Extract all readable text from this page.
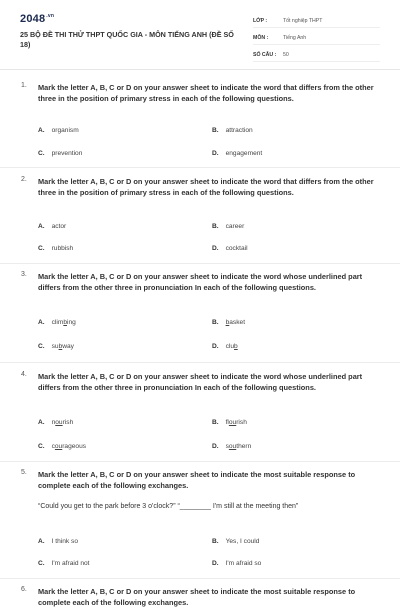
$2048^{.vn}$
25 BỘ ĐỀ THI THỬ THPT QUỐC GIA - MÔN TIẾNG ANH (ĐỀ SỐ 18)
LỚP :	Tốt nghiệp THPT
MÔN :	Tiếng Anh
SỐ CÂU :	50
1. Mark the letter A, B, C or D on your answer sheet to indicate the word that differs from the other three in the position of primary stress in each of the following questions.
A. organism	B. attraction
C. prevention	D. engagement
2. Mark the letter A, B, C or D on your answer sheet to indicate the word that differs from the other three in the position of primary stress in each of the following questions.
A. actor	B. career
C. rubbish	D. cocktail
3. Mark the letter A, B, C or D on your answer sheet to indicate the word whose underlined part differs from the other three in pronunciation In each of the following questions.
A. climbing	B. basket
C. subway	D. club
4. Mark the letter A, B, C or D on your answer sheet to indicate the word whose underlined part differs from the other three in pronunciation In each of the following questions.
A. nourish	B. flourish
C. courageous	D. southern
5. Mark the letter A, B, C or D on your answer sheet to indicate the most suitable response to complete each of the following exchanges.
“Could you get to the park before 3 o'clock?” “________ I'm still at the meeting then”
A. I think so	B. Yes, I could
C. I'm afraid not	D. I'm afraid so
6. Mark the letter A, B, C or D on your answer sheet to indicate the most suitable response to complete each of the following exchanges.
